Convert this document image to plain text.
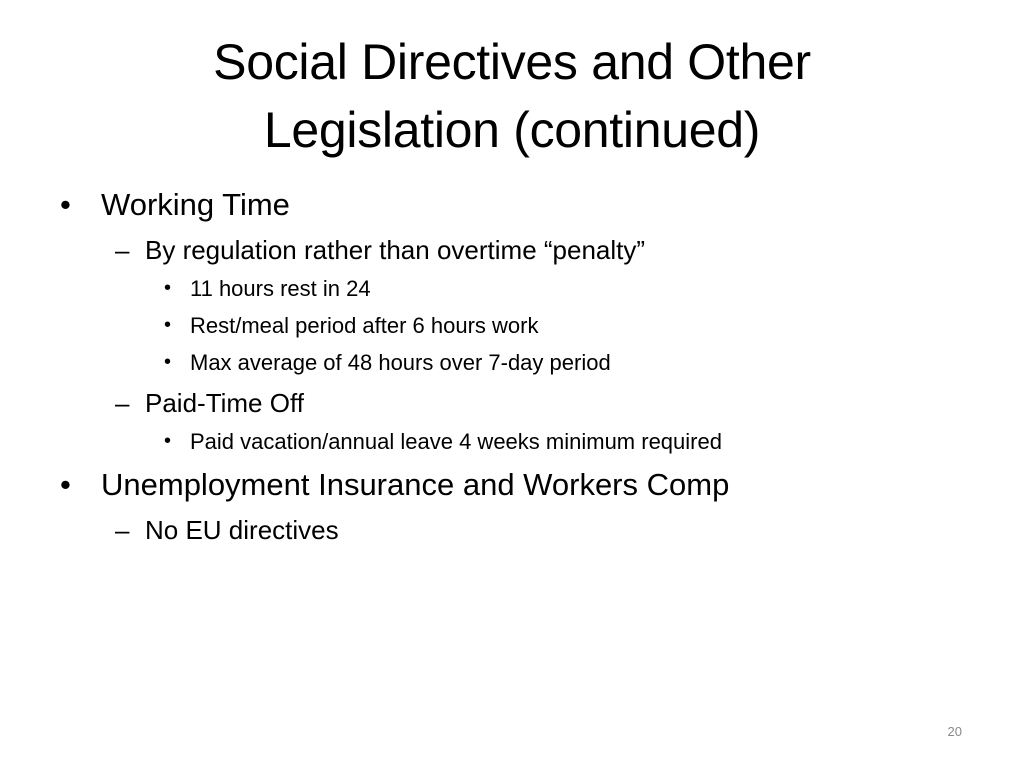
Social Directives and Other
Legislation (continued)
• Working Time
– By regulation rather than overtime “penalty”
• 11 hours rest in 24
• Rest/meal period after 6 hours work
• Max average of 48 hours over 7-day period
– Paid-Time Off
• Paid vacation/annual leave 4 weeks minimum required
• Unemployment Insurance and Workers Comp
– No EU directives
20
